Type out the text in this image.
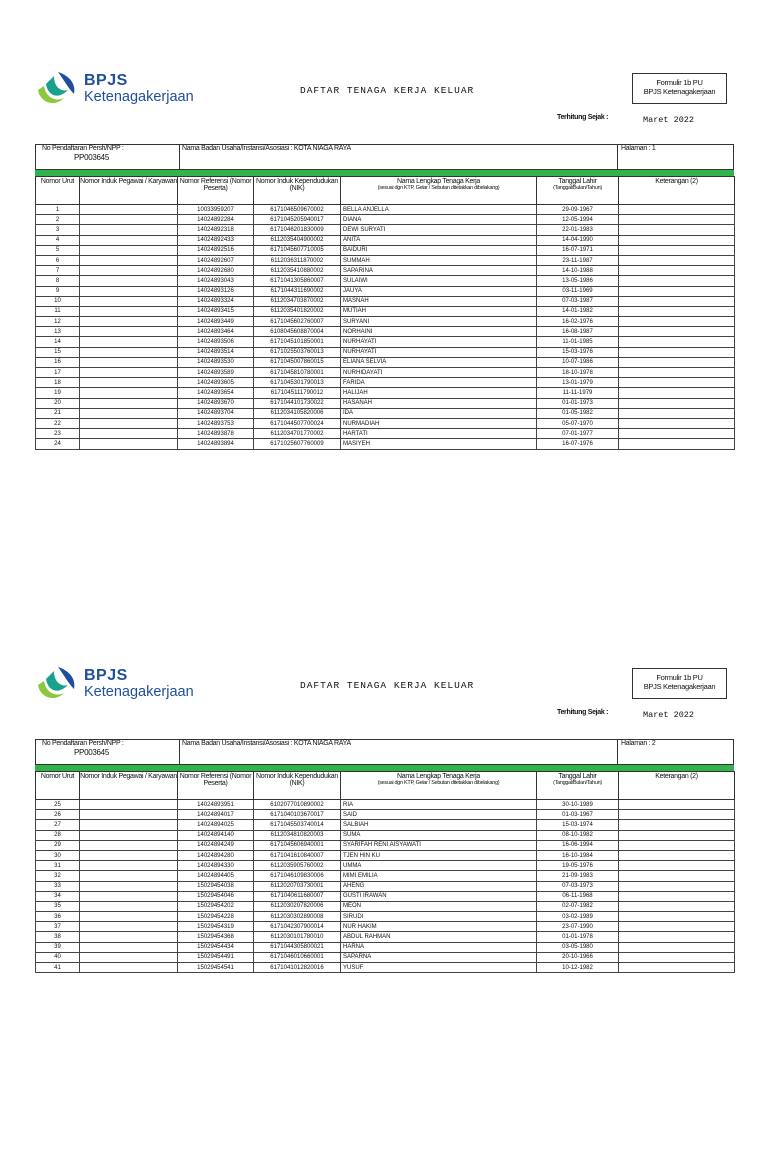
BPJS
Ketenagakerjaan	DAFTAR TENAGA KERJA KELUAR
Formulir 1b PU
BPJS Ketenagakerjaan
Terhitung Sejak :	Maret 2022
No Pendaftaran Persh/NPP :
PP003645
Nama Badan Usaha/Instansi/Asosiasi : KOTA NIAGA RAYA	Halaman : 1
Nomor Urut	Nomor Induk Pegawai / Karyawan	Nomor Referensi (Nomor Peserta)	Nomor Induk Kependudukan (NIK)	Nama Lengkap Tenaga Kerja
(sesuai dgn KTP, Gelar / Sebutan ditetakkan dibelakang)	Tanggal Lahir
(Tanggal/Bulan/Tahun)	Keterangan (2)
1		10033959207	6171046509670002	BELLA ANJELLA	29-09-1967	
2		14024892284	6171045205940017	DIANA	12-05-1994	
3		14024892318	6171046201830009	DEWI SURYATI	22-01-1983	
4		14024892433	6112035404900002	ANITA	14-04-1990	
5		14024892516	6171045607710005	BAIDURI	16-07-1971	
6		14024892607	6112036311870002	SUMMAH	23-11-1987	
7		14024892680	6112035410880002	SAPARINA	14-10-1988	
8		14024893043	6171041305860007	SULAIWI	13-05-1986	
9		14024893126	6171044311690002	JAUYA	03-11-1969	
10		14024893324	6112034703870002	MASNAH	07-03-1987	
11		14024893415	6112035401820002	MUTIAH	14-01-1982	
12		14024893449	6171045602760007	SURYANI	16-02-1976	
13		14024893464	6108045608870004	NORHAINI	16-08-1987	
14		14024893506	6171045101850001	NURHAYATI	11-01-1985	
15		14024893514	6171025503760013	NURHAYATI	15-03-1976	
16		14024893530	6171045007860015	ELIANA SELVIA	10-07-1986	
17		14024893589	6171045810780001	NURHIDAYATI	18-10-1978	
18		14024893605	6171045301790013	FARIDA	13-01-1979	
19		14024893654	6171045111790012	HALIJAH	11-11-1979	
20		14024893670	6171044101730022	HASANAH	01-01-1973	
21		14024893704	6112034105820006	IDA	01-05-1982	
22		14024893753	6171044507700024	NURMADIAH	05-07-1970	
23		14024893878	6112034701770002	HARTATI	07-01-1977	
24		14024893894	6171025607760009	MASIYEH	16-07-1976	
BPJS
Ketenagakerjaan	DAFTAR TENAGA KERJA KELUAR
Formulir 1b PU
BPJS Ketenagakerjaan
Terhitung Sejak :	Maret 2022
No Pendaftaran Persh/NPP :
PP003645
Nama Badan Usaha/Instansi/Asosiasi : KOTA NIAGA RAYA	Halaman : 2
Nomor Urut	Nomor Induk Pegawai / Karyawan	Nomor Referensi (Nomor Peserta)	Nomor Induk Kependudukan (NIK)	Nama Lengkap Tenaga Kerja
(sesuai dgn KTP, Gelar / Sebutan ditetakkan dibelakang)	Tanggal Lahir
(Tanggal/Bulan/Tahun)	Keterangan (2)
25		14024893951	6102077010890002	RIA	30-10-1989	
26		14024894017	6171040103670017	SAID	01-03-1967	
27		14024894025	6171045503740014	SALBIAH	15-03-1974	
28		14024894140	6112034810820003	SUMA	08-10-1982	
29		14024894249	6171045606940001	SYARIFAH RENI AISYAWATI	16-06-1994	
30		14024894280	6171041610840007	TJEN HIN KU	16-10-1984	
31		14024894330	6112035905760002	UMMA	19-05-1976	
32		14024894405	6171046109830006	MIMI EMILIA	21-09-1983	
33		15029454038	6112020703730001	AHENG	07-03-1973	
34		15029454046	6171040611680007	GUSTI IRAWAN	06-11-1968	
35		15029454202	6112030207820006	MEON	02-07-1982	
36		15029454228	6112030302890008	SIRUDI	03-02-1989	
37		15029454319	6171042307900014	NUR HAKIM	23-07-1990	
38		15029454368	6112030101780010	ABDUL RAHMAN	01-01-1978	
39		15029454434	6171044305800021	HARNA	03-05-1980	
40		15029454491	6171046010660001	SAPARNA	20-10-1966	
41		15029454541	6171041012820016	YUSUF	10-12-1982	
